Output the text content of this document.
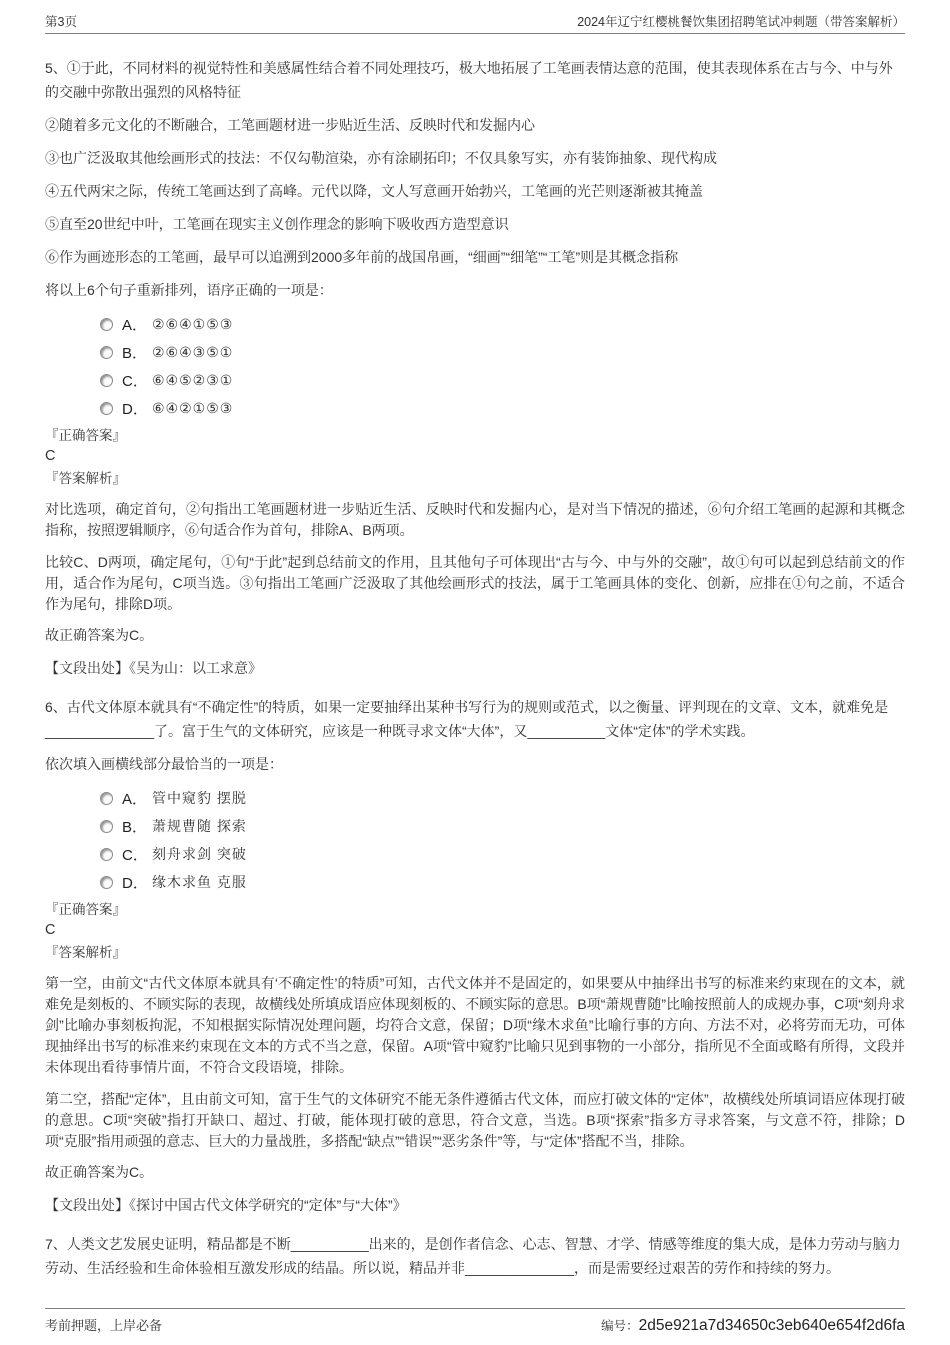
第3页	2024年辽宁红樱桃餐饮集团招聘笔试冲刺题（带答案解析）

5、①于此，不同材料的视觉特性和美感属性结合着不同处理技巧，极大地拓展了工笔画表情达意的范围，使其表现体系在古与今、中与外的交融中弥散出强烈的风格特征

②随着多元文化的不断融合，工笔画题材进一步贴近生活、反映时代和发掘内心

③也广泛汲取其他绘画形式的技法：不仅勾勒渲染，亦有涂刷拓印；不仅具象写实，亦有装饰抽象、现代构成

④五代两宋之际，传统工笔画达到了高峰。元代以降，文人写意画开始勃兴，工笔画的光芒则逐渐被其掩盖

⑤直至20世纪中叶，工笔画在现实主义创作理念的影响下吸收西方造型意识

⑥作为画迹形态的工笔画，最早可以追溯到2000多年前的战国帛画，“细画”“细笔”“工笔”则是其概念指称

将以上6个句子重新排列，语序正确的一项是：

A． ②⑥④①⑤③
B． ②⑥④③⑤①
C． ⑥④⑤②③①
D． ⑥④②①⑤③

『正确答案』

C

『答案解析』

对比选项，确定首句，②句指出工笔画题材进一步贴近生活、反映时代和发掘内心，是对当下情况的描述，⑥句介绍工笔画的起源和其概念指称，按照逻辑顺序，⑥句适合作为首句，排除A、B两项。

比较C、D两项，确定尾句，①句“于此”起到总结前文的作用，且其他句子可体现出“古与今、中与外的交融”，故①句可以起到总结前文的作用，适合作为尾句，C项当选。③句指出工笔画广泛汲取了其他绘画形式的技法，属于工笔画具体的变化、创新，应排在①句之前，不适合作为尾句，排除D项。

故正确答案为C。

【文段出处】《吴为山：以工求意》

6、古代文体原本就具有“不确定性”的特质，如果一定要抽绎出某种书写行为的规则或范式，以之衡量、评判现在的文章、文本，就难免是______________了。富于生气的文体研究，应该是一种既寻求文体“大体”，又__________文体“定体”的学术实践。

依次填入画横线部分最恰当的一项是：

A． 管中窥豹 摆脱
B． 萧规曹随 探索
C． 刻舟求剑 突破
D． 缘木求鱼 克服

『正确答案』

C

『答案解析』

第一空，由前文“古代文体原本就具有‘不确定性’的特质”可知，古代文体并不是固定的，如果要从中抽绎出书写的标准来约束现在的文本，就难免是刻板的、不顾实际的表现，故横线处所填成语应体现刻板的、不顾实际的意思。B项“萧规曹随”比喻按照前人的成规办事，C项“刻舟求剑”比喻办事刻板拘泥，不知根据实际情况处理问题，均符合文意，保留；D项“缘木求鱼”比喻行事的方向、方法不对，必将劳而无功，可体现抽绎出书写的标准来约束现在文本的方式不当之意，保留。A项“管中窥豹”比喻只见到事物的一小部分，指所见不全面或略有所得，文段并未体现出看待事情片面，不符合文段语境，排除。

第二空，搭配“定体”，且由前文可知，富于生气的文体研究不能无条件遵循古代文体，而应打破文体的“定体”，故横线处所填词语应体现打破的意思。C项“突破”指打开缺口、超过、打破，能体现打破的意思，符合文意，当选。B项“探索”指多方寻求答案，与文意不符，排除；D项“克服”指用顽强的意志、巨大的力量战胜，多搭配“缺点”“错误”“恶劣条件”等，与“定体”搭配不当，排除。

故正确答案为C。

【文段出处】《探讨中国古代文体学研究的“定体”与“大体”》

7、人类文艺发展史证明，精品都是不断__________出来的，是创作者信念、心志、智慧、才学、情感等维度的集大成，是体力劳动与脑力劳动、生活经验和生命体验相互激发形成的结晶。所以说，精品并非______________，而是需要经过艰苦的劳作和持续的努力。

考前押题，上岸必备	编号：2d5e921a7d34650c3eb640e654f2d6fa
